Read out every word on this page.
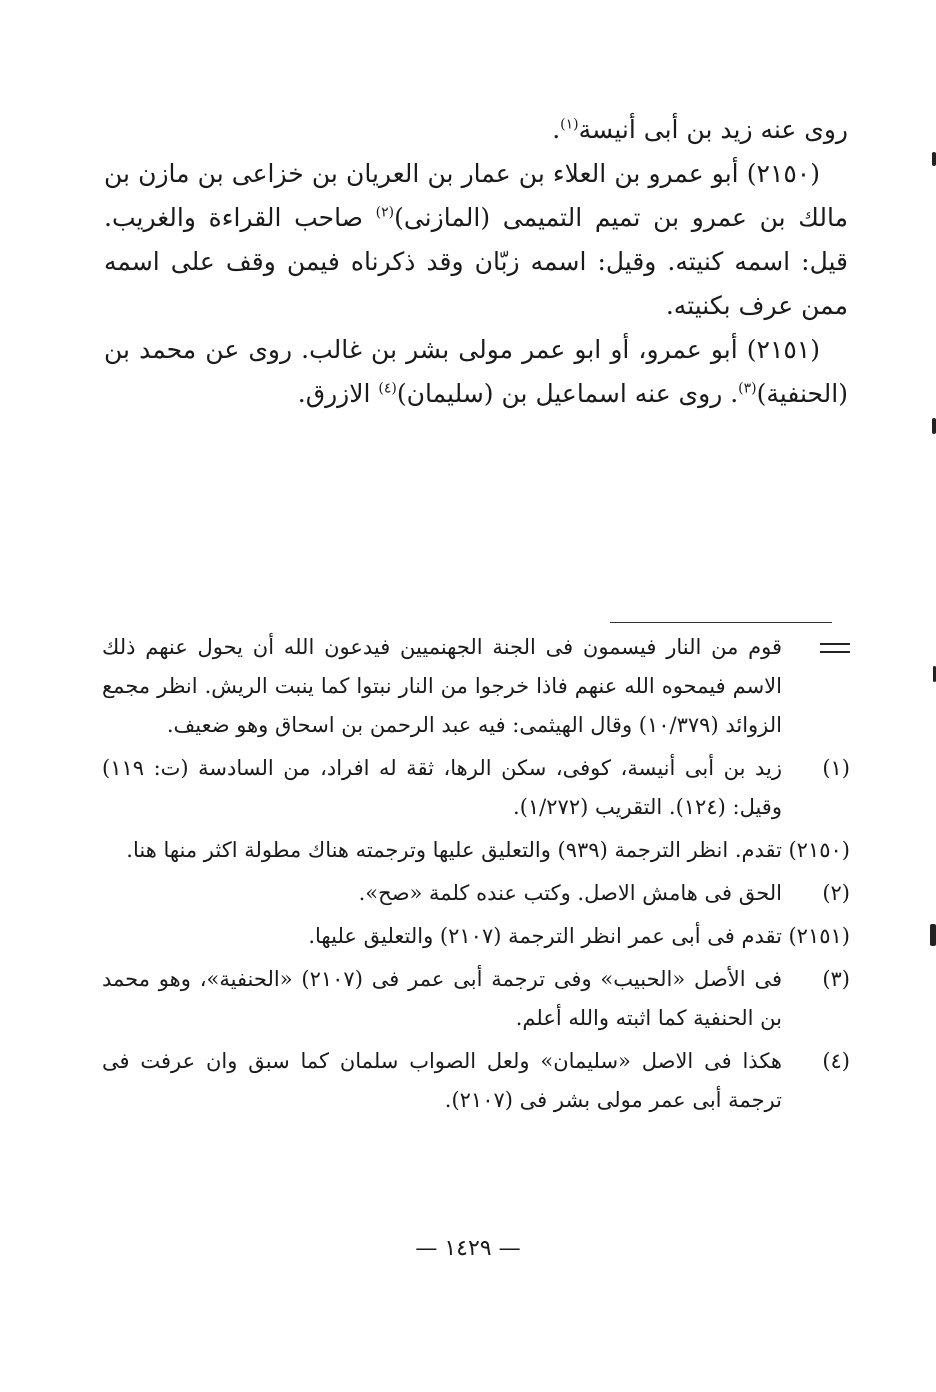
روى عنه زيد بن أبى أنيسة$^{(١)}$.

(٢١٥٠) أبو عمرو بن العلاء بن عمار بن العريان بن خزاعى بن مازن بن مالك بن عمرو بن تميم التميمى (المازنى)$^{(٢)}$ صاحب القراءة والغريب. قيل: اسمه كنيته. وقيل: اسمه زبّان وقد ذكرناه فيمن وقف على اسمه ممن عرف بكنيته.

(٢١٥١) أبو عمرو، أو ابو عمر مولى بشر بن غالب. روى عن محمد بن (الحنفية)$^{(٣)}$. روى عنه اسماعيل بن (سليمان)$^{(٤)}$ الازرق.

قوم من النار فيسمون فى الجنة الجهنميين فيدعون الله أن يحول عنهم ذلك الاسم فيمحوه الله عنهم فاذا خرجوا من النار نبتوا كما ينبت الريش. انظر مجمع الزوائد (١٠/٣٧٩) وقال الهيثمى: فيه عبد الرحمن بن اسحاق وهو ضعيف.
(١)
زيد بن أبى أنيسة، كوفى، سكن الرها، ثقة له افراد، من السادسة (ت: ١١٩) وقيل: (١٢٤). التقريب (١/٢٧٢).
(٢١٥٠)
تقدم. انظر الترجمة (٩٣٩) والتعليق عليها وترجمته هناك مطولة اكثر منها هنا.
(٢)
الحق فى هامش الاصل. وكتب عنده كلمة «صح».
(٢١٥١)
تقدم فى أبى عمر انظر الترجمة (٢١٠٧) والتعليق عليها.
(٣)
فى الأصل «الحبيب» وفى ترجمة أبى عمر فى (٢١٠٧) «الحنفية»، وهو محمد بن الحنفية كما اثبته والله أعلم.
(٤)
هكذا فى الاصل «سليمان» ولعل الصواب سلمان كما سبق وان عرفت فى ترجمة أبى عمر مولى بشر فى (٢١٠٧).
— ١٤٢٩ —
